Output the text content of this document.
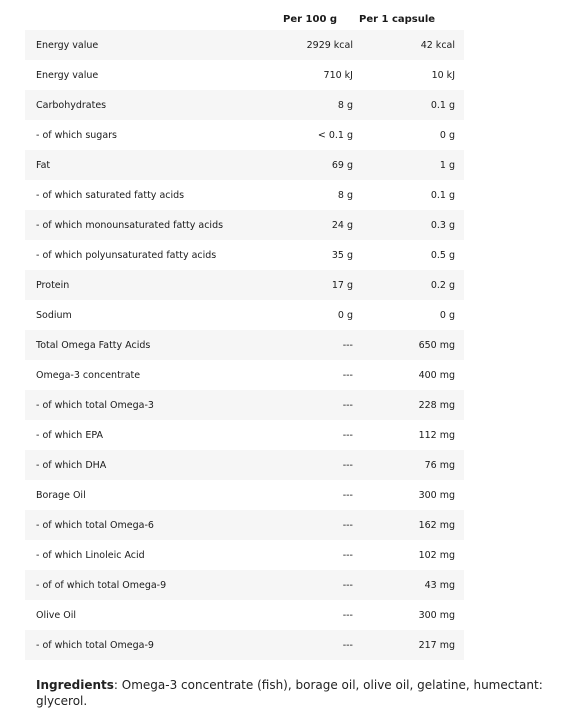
Per 100 g Per 1 capsule
Energy value	2929 kcal	42 kcal
Energy value	710 kJ	10 kJ
Carbohydrates	8 g	0.1 g
- of which sugars	< 0.1 g	0 g
Fat	69 g	1 g
- of which saturated fatty acids	8 g	0.1 g
- of which monounsaturated fatty acids	24 g	0.3 g
- of which polyunsaturated fatty acids	35 g	0.5 g
Protein	17 g	0.2 g
Sodium	0 g	0 g
Total Omega Fatty Acids	---	650 mg
Omega-3 concentrate	---	400 mg
- of which total Omega-3	---	228 mg
- of which EPA	---	112 mg
- of which DHA	---	76 mg
Borage Oil	---	300 mg
- of which total Omega-6	---	162 mg
- of which Linoleic Acid	---	102 mg
- of of which total Omega-9	---	43 mg
Olive Oil	---	300 mg
- of which total Omega-9	---	217 mg
Ingredients: Omega-3 concentrate (fish), borage oil, olive oil, gelatine, humectant: glycerol.
